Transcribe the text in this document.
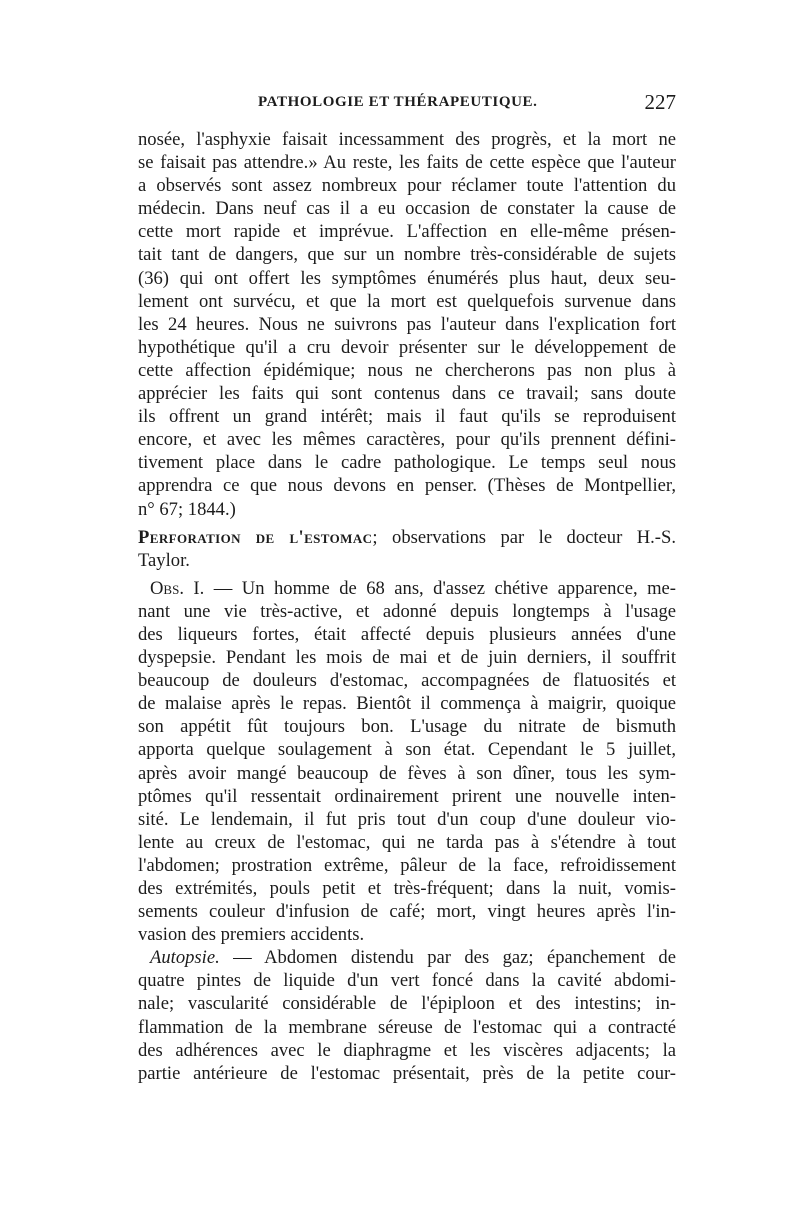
PATHOLOGIE ET THÉRAPEUTIQUE.	227
nosée, l'asphyxie faisait incessamment des progrès, et la mort ne
se faisait pas attendre.» Au reste, les faits de cette espèce que l'auteur
a observés sont assez nombreux pour réclamer toute l'attention du
médecin. Dans neuf cas il a eu occasion de constater la cause de
cette mort rapide et imprévue. L'affection en elle-même présen-
tait tant de dangers, que sur un nombre très-considérable de sujets
(36) qui ont offert les symptômes énumérés plus haut, deux seu-
lement ont survécu, et que la mort est quelquefois survenue dans
les 24 heures. Nous ne suivrons pas l'auteur dans l'explication fort
hypothétique qu'il a cru devoir présenter sur le développement de
cette affection épidémique; nous ne chercherons pas non plus à
apprécier les faits qui sont contenus dans ce travail; sans doute
ils offrent un grand intérêt; mais il faut qu'ils se reproduisent
encore, et avec les mêmes caractères, pour qu'ils prennent défini-
tivement place dans le cadre pathologique. Le temps seul nous
apprendra ce que nous devons en penser. (Thèses de Montpellier,
n° 67; 1844.)
Perforation de l'estomac; observations par le docteur H.-S.
Taylor.
Obs. I. — Un homme de 68 ans, d'assez chétive apparence, me-
nant une vie très-active, et adonné depuis longtemps à l'usage
des liqueurs fortes, était affecté depuis plusieurs années d'une
dyspepsie. Pendant les mois de mai et de juin derniers, il souffrit
beaucoup de douleurs d'estomac, accompagnées de flatuosités et
de malaise après le repas. Bientôt il commença à maigrir, quoique
son appétit fût toujours bon. L'usage du nitrate de bismuth
apporta quelque soulagement à son état. Cependant le 5 juillet,
après avoir mangé beaucoup de fèves à son dîner, tous les sym-
ptômes qu'il ressentait ordinairement prirent une nouvelle inten-
sité. Le lendemain, il fut pris tout d'un coup d'une douleur vio-
lente au creux de l'estomac, qui ne tarda pas à s'étendre à tout
l'abdomen; prostration extrême, pâleur de la face, refroidissement
des extrémités, pouls petit et très-fréquent; dans la nuit, vomis-
sements couleur d'infusion de café; mort, vingt heures après l'in-
vasion des premiers accidents.
Autopsie. — Abdomen distendu par des gaz; épanchement de
quatre pintes de liquide d'un vert foncé dans la cavité abdomi-
nale; vascularité considérable de l'épiploon et des intestins; in-
flammation de la membrane séreuse de l'estomac qui a contracté
des adhérences avec le diaphragme et les viscères adjacents; la
partie antérieure de l'estomac présentait, près de la petite cour-
